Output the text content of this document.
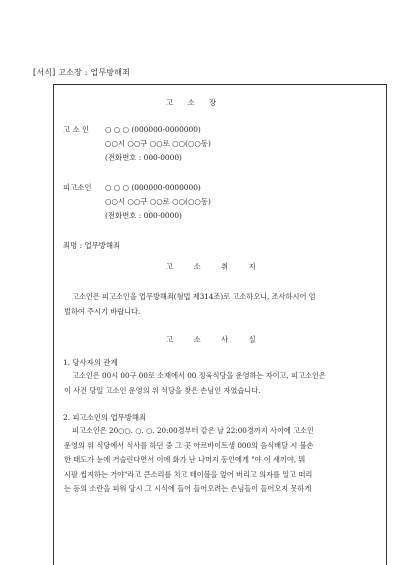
[서식] 고소장 : 업무방해죄
고 소 장
고 소 인 ○ ○ ○ (000000-0000000)
○○시 ○○구 ○○로 ○○(○○동)
(전화번호 : 000-0000)
피고소인 ○ ○ ○ (000000-0000000)
○○시 ○○구 ○○로 ○○(○○동)
(전화번호 : 000-0000)
죄명 : 업무방해죄
고 소 취 지
고소인은 피고소인을 업무방해죄(형법 제314조)로 고소하오니, 조사하시어 엄
벌하여 주시기 바랍니다.
고 소 사 실
1. 당사자의 관계
고소인은 00시 00구 00로 소재에서 00 정육식당을 운영하는 자이고, 피고소인은
이 사건 당일 고소인 운영의 위 식당을 찾은 손님인 자였습니다.
2. 피고소인의 업무방해죄
피고소인은 20○○. ○. ○. 20:00경부터 같은 날 22:00경까지 사이에 고소인
운영의 위 식당에서 식사를 하던 중 그 곳 아르바이트생 000의 음식배달 시 불손
한 태도가 눈에 거슬린다면서 이에 화가 난 나머지 동인에게 "야 이 새끼야, 뭐
시팔 씹지하는 거야"라고 큰소리를 치고 테이블을 엎어 버리고 의자를 밀고 떠리
는 등의 소란을 피워 당시 그 시식에 들어 들어오려는 손님들이 들어오지 못하게
